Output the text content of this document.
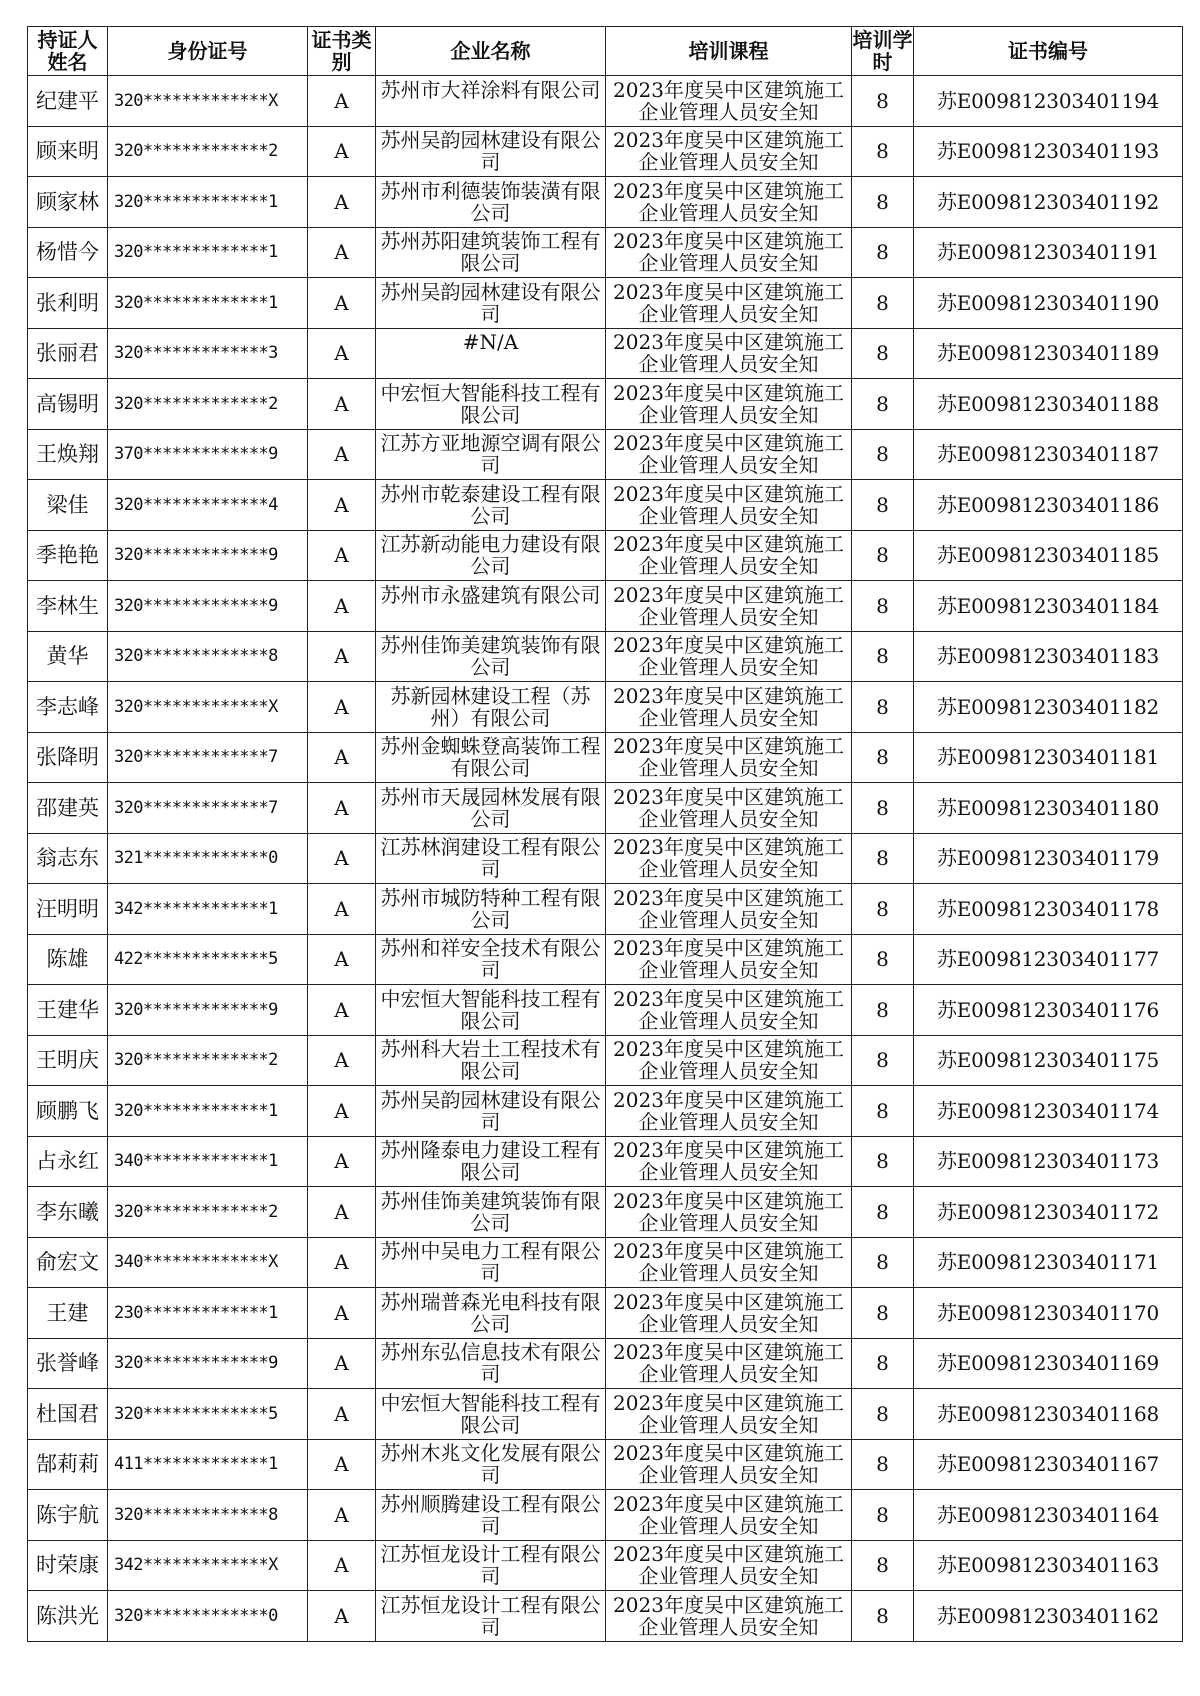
持证人姓名	身份证号	证书类别	企业名称	培训课程	培训学时	证书编号
纪建平	320*************X	A	苏州市大祥涂料有限公司	2023年度吴中区建筑施工企业管理人员安全知	8	苏E009812303401194
顾来明	320*************2	A	苏州吴韵园林建设有限公司	2023年度吴中区建筑施工企业管理人员安全知	8	苏E009812303401193
顾家林	320*************1	A	苏州市利德装饰装潢有限公司	2023年度吴中区建筑施工企业管理人员安全知	8	苏E009812303401192
杨惜今	320*************1	A	苏州苏阳建筑装饰工程有限公司	2023年度吴中区建筑施工企业管理人员安全知	8	苏E009812303401191
张利明	320*************1	A	苏州吴韵园林建设有限公司	2023年度吴中区建筑施工企业管理人员安全知	8	苏E009812303401190
张丽君	320*************3	A	#N/A	2023年度吴中区建筑施工企业管理人员安全知	8	苏E009812303401189
高锡明	320*************2	A	中宏恒大智能科技工程有限公司	2023年度吴中区建筑施工企业管理人员安全知	8	苏E009812303401188
王焕翔	370*************9	A	江苏方亚地源空调有限公司	2023年度吴中区建筑施工企业管理人员安全知	8	苏E009812303401187
梁佳	320*************4	A	苏州市乾泰建设工程有限公司	2023年度吴中区建筑施工企业管理人员安全知	8	苏E009812303401186
季艳艳	320*************9	A	江苏新动能电力建设有限公司	2023年度吴中区建筑施工企业管理人员安全知	8	苏E009812303401185
李林生	320*************9	A	苏州市永盛建筑有限公司	2023年度吴中区建筑施工企业管理人员安全知	8	苏E009812303401184
黄华	320*************8	A	苏州佳饰美建筑装饰有限公司	2023年度吴中区建筑施工企业管理人员安全知	8	苏E009812303401183
李志峰	320*************X	A	苏新园林建设工程（苏州）有限公司	2023年度吴中区建筑施工企业管理人员安全知	8	苏E009812303401182
张降明	320*************7	A	苏州金蜘蛛登高装饰工程有限公司	2023年度吴中区建筑施工企业管理人员安全知	8	苏E009812303401181
邵建英	320*************7	A	苏州市天晟园林发展有限公司	2023年度吴中区建筑施工企业管理人员安全知	8	苏E009812303401180
翁志东	321*************0	A	江苏林润建设工程有限公司	2023年度吴中区建筑施工企业管理人员安全知	8	苏E009812303401179
汪明明	342*************1	A	苏州市城防特种工程有限公司	2023年度吴中区建筑施工企业管理人员安全知	8	苏E009812303401178
陈雄	422*************5	A	苏州和祥安全技术有限公司	2023年度吴中区建筑施工企业管理人员安全知	8	苏E009812303401177
王建华	320*************9	A	中宏恒大智能科技工程有限公司	2023年度吴中区建筑施工企业管理人员安全知	8	苏E009812303401176
王明庆	320*************2	A	苏州科大岩土工程技术有限公司	2023年度吴中区建筑施工企业管理人员安全知	8	苏E009812303401175
顾鹏飞	320*************1	A	苏州吴韵园林建设有限公司	2023年度吴中区建筑施工企业管理人员安全知	8	苏E009812303401174
占永红	340*************1	A	苏州隆泰电力建设工程有限公司	2023年度吴中区建筑施工企业管理人员安全知	8	苏E009812303401173
李东曦	320*************2	A	苏州佳饰美建筑装饰有限公司	2023年度吴中区建筑施工企业管理人员安全知	8	苏E009812303401172
俞宏文	340*************X	A	苏州中吴电力工程有限公司	2023年度吴中区建筑施工企业管理人员安全知	8	苏E009812303401171
王建	230*************1	A	苏州瑞普森光电科技有限公司	2023年度吴中区建筑施工企业管理人员安全知	8	苏E009812303401170
张誉峰	320*************9	A	苏州东弘信息技术有限公司	2023年度吴中区建筑施工企业管理人员安全知	8	苏E009812303401169
杜国君	320*************5	A	中宏恒大智能科技工程有限公司	2023年度吴中区建筑施工企业管理人员安全知	8	苏E009812303401168
郜莉莉	411*************1	A	苏州木兆文化发展有限公司	2023年度吴中区建筑施工企业管理人员安全知	8	苏E009812303401167
陈宇航	320*************8	A	苏州顺腾建设工程有限公司	2023年度吴中区建筑施工企业管理人员安全知	8	苏E009812303401164
时荣康	342*************X	A	江苏恒龙设计工程有限公司	2023年度吴中区建筑施工企业管理人员安全知	8	苏E009812303401163
陈洪光	320*************0	A	江苏恒龙设计工程有限公司	2023年度吴中区建筑施工企业管理人员安全知	8	苏E009812303401162
